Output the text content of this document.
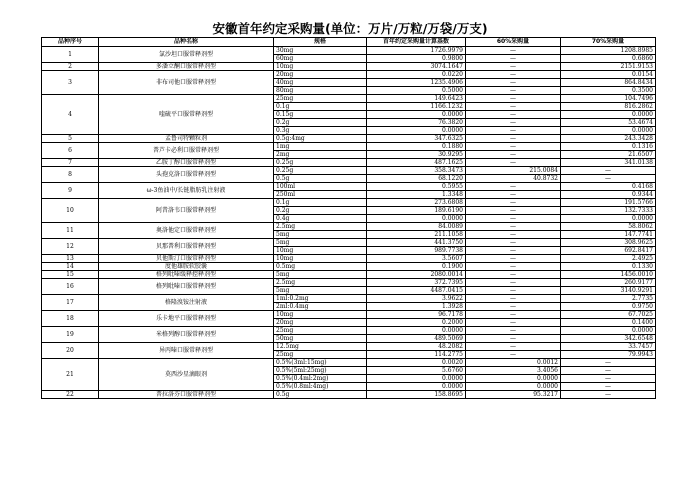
安徽首年约定采购量(单位：万片/万粒/万袋/万支)
品种序号	品种名称	规格	首年约定采购量计算基数	60%采购量	70%采购量
1	氯沙坦口服常释剂型	30mg	1726.9979	—	1208.8985
		60mg	0.9800	—	0.6860
2	多潘立酮口服常释剂型	10mg	3074.1647	—	2151.9153
3	非布司他口服常释剂型	20mg	0.0220	—	0.0154
		40mg	1235.4906	—	864.8434
		80mg	0.5000	—	0.3500
4	喹硫平口服常释剂型	25mg	149.6423	—	104.7496
		0.1g	1166.1232	—	816.2862
		0.15g	0.0000	—	0.0000
		0.2g	76.3820	—	53.4674
		0.3g	0.0000	—	0.0000
5	孟鲁司特颗粒剂	0.5g:4mg	347.6325	—	243.3428
6	普芦卡必利口服常释剂型	1mg	0.1880	—	0.1316
		2mg	30.9295	—	21.6507
7	乙胺丁醇口服常释剂型	0.25g	487.1625	—	341.0138
8	头孢克洛口服常释剂型	0.25g	358.3473	215.0084	—
		0.5g	68.1220	40.8732	—
9	ω-3鱼油中/长链脂肪乳注射液	100ml	0.5955	—	0.4168
		250ml	1.3348	—	0.9344
10	阿昔洛韦口服常释剂型	0.1g	273.6808	—	191.5766
		0.2g	189.6190	—	132.7333
		0.4g	0.0000	—	0.0000
11	奥洛他定口服常释剂型	2.5mg	84.0089	—	58.8062
		5mg	211.1058	—	147.7741
12	贝那普利口服常释剂型	5mg	441.3750	—	308.9625
		10mg	989.7738	—	692.8417
13	贝他斯汀口服常释剂型	10mg	3.5607	—	2.4925
14	度他雄胺软胶囊	0.5mg	0.1900	—	0.1330
15	格列吡嗪缓释控释剂型	5mg	2080.0014	—	1456.0010
16	格列吡嗪口服常释剂型	2.5mg	372.7395	—	260.9177
		5mg	4487.0415	—	3140.9291
17	格隆溴铵注射液	1ml:0.2mg	3.9622	—	2.7735
		2ml:0.4mg	1.3928	—	0.9750
18	乐卡地平口服常释剂型	10mg	96.7178	—	67.7025
		20mg	0.2000	—	0.1400
19	米格列醇口服常释剂型	25mg	0.0000	—	0.0000
		50mg	489.5069	—	342.6548
20	异丙嗪口服常释剂型	12.5mg	48.2082	—	33.7457
		25mg	114.2775	—	79.9943
21	莫西沙星滴眼剂	0.5%(3ml:15mg)	0.0020	0.0012	—
		0.5%(5ml:25mg)	5.6760	3.4056	—
		0.5%(0.4ml:2mg)	0.0000	0.0000	—
		0.5%(0.8ml:4mg)	0.0000	0.0000	—
22	普拉洛芬口服常释剂型	0.5g	158.8695	95.3217	—
